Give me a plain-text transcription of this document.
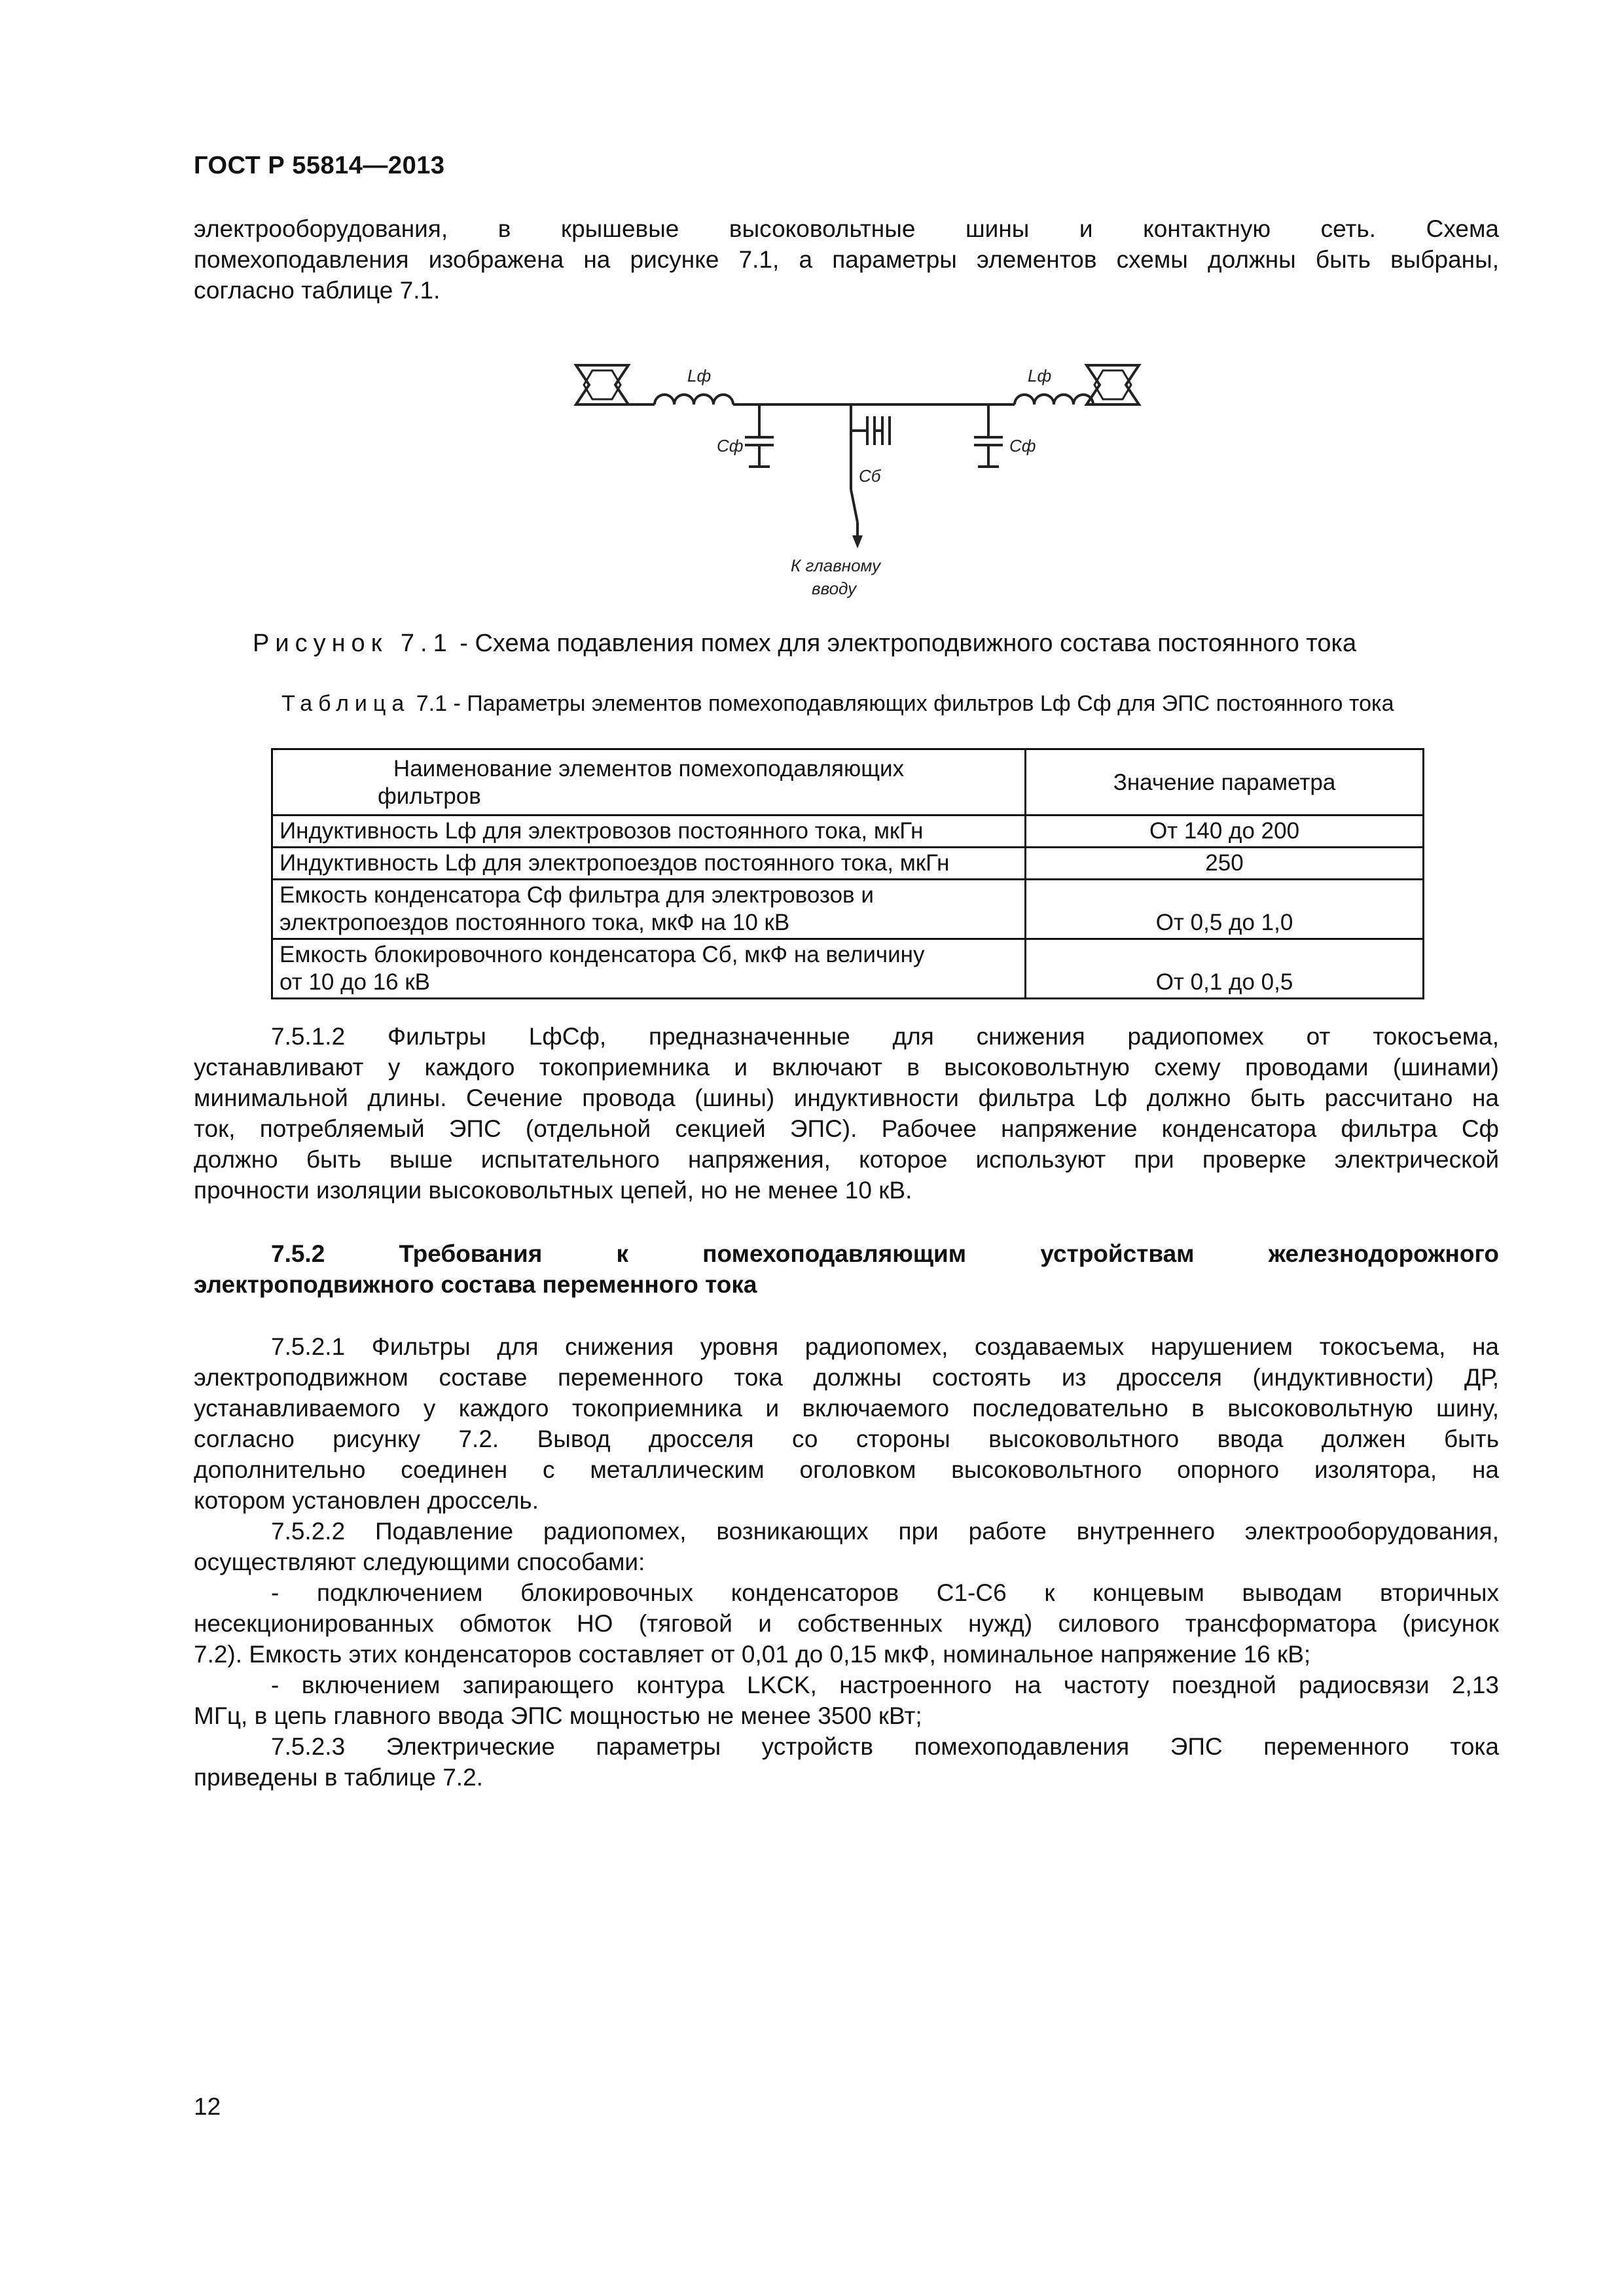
ГОСТ Р 55814—2013
электрооборудования, в крышевые высоковольтные шины и контактную сеть. Схема
помехоподавления изображена на рисунке 7.1, а параметры элементов схемы должны быть выбраны,
согласно таблице 7.1.
Lф	Lф
Cф	Cф
Cб
К главному
вводу
Рисунок 7.1 - Схема подавления помех для электроподвижного состава постоянного тока
Таблица 7.1 - Параметры элементов помехоподавляющих фильтров Lф Cф для ЭПС постоянного тока
Наименование элементов помехоподавляющих

фильтров	Значение параметра
Индуктивность Lф для электровозов постоянного тока, мкГн	От 140 до 200
Индуктивность Lф для электропоездов постоянного тока, мкГн	250
Емкость конденсатора Cф фильтра для электровозов и
электропоездов постоянного тока, мкФ на 10 кВ	От 0,5 до 1,0
Емкость блокировочного конденсатора Cб, мкФ на величину
от 10 до 16 кВ	От 0,1 до 0,5
7.5.1.2 Фильтры LфCф, предназначенные для снижения радиопомех от токосъема,
устанавливают у каждого токоприемника и включают в высоковольтную схему проводами (шинами)
минимальной длины. Сечение провода (шины) индуктивности фильтра Lф должно быть рассчитано на
ток, потребляемый ЭПС (отдельной секцией ЭПС). Рабочее напряжение конденсатора фильтра Cф
должно быть выше испытательного напряжения, которое используют при проверке электрической
прочности изоляции высоковольтных цепей, но не менее 10 кВ.
7.5.2 Требования к помехоподавляющим устройствам железнодорожного
электроподвижного состава переменного тока
7.5.2.1 Фильтры для снижения уровня радиопомех, создаваемых нарушением токосъема, на
электроподвижном составе переменного тока должны состоять из дросселя (индуктивности) ДР,
устанавливаемого у каждого токоприемника и включаемого последовательно в высоковольтную шину,
согласно рисунку 7.2. Вывод дросселя со стороны высоковольтного ввода должен быть
дополнительно соединен с металлическим оголовком высоковольтного опорного изолятора, на
котором установлен дроссель.
7.5.2.2 Подавление радиопомех, возникающих при работе внутреннего электрооборудования,
осуществляют следующими способами:
- подключением блокировочных конденсаторов С1-С6 к концевым выводам вторичных
несекционированных обмоток НО (тяговой и собственных нужд) силового трансформатора (рисунок
7.2). Емкость этих конденсаторов составляет от 0,01 до 0,15 мкФ, номинальное напряжение 16 кВ;
- включением запирающего контура LKCK, настроенного на частоту поездной радиосвязи 2,13
МГц, в цепь главного ввода ЭПС мощностью не менее 3500 кВт;
7.5.2.3 Электрические параметры устройств помехоподавления ЭПС переменного тока
приведены в таблице 7.2.
12
